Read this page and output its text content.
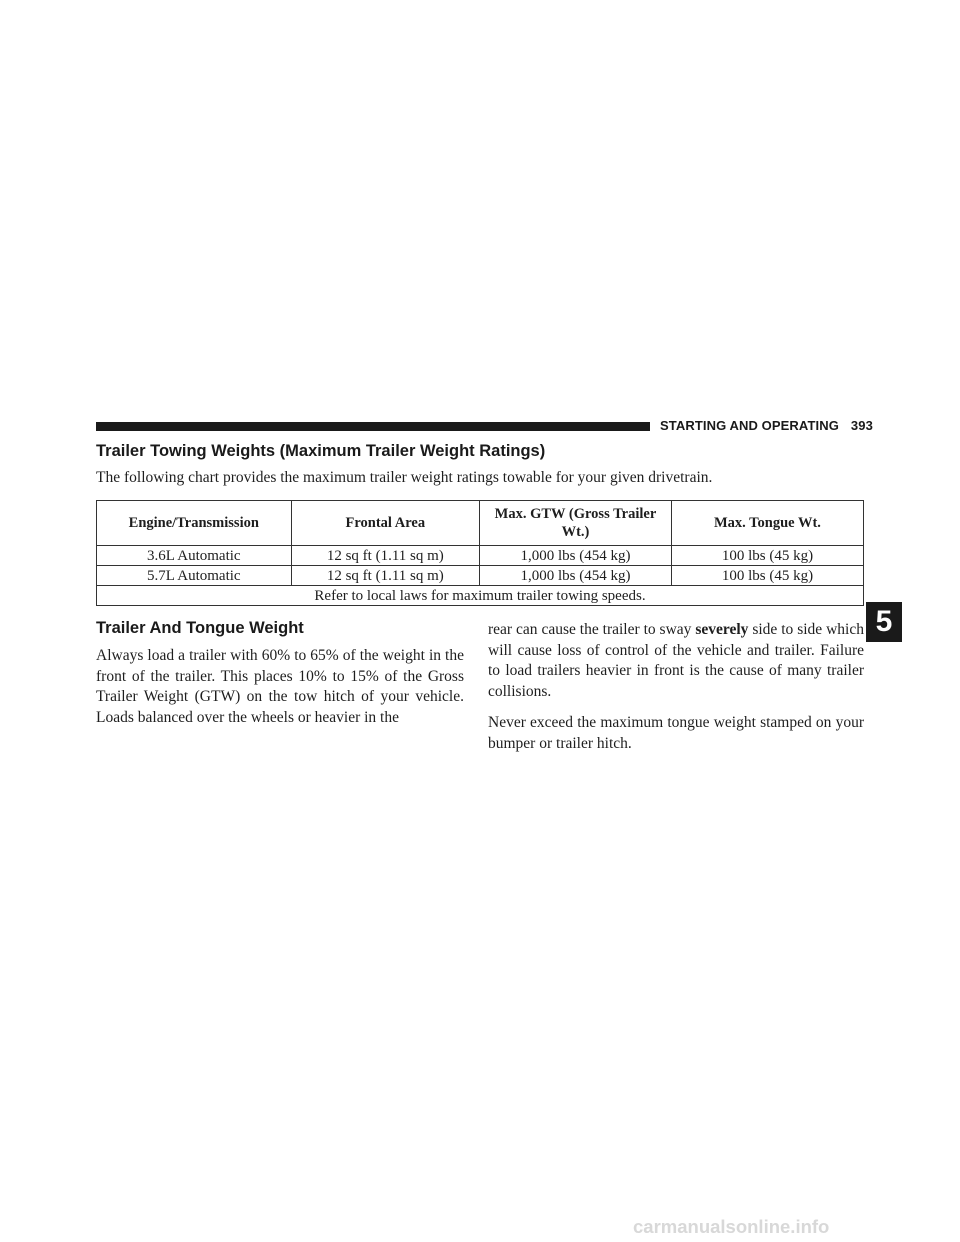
STARTING AND OPERATING 393
Trailer Towing Weights (Maximum Trailer Weight Ratings)

The following chart provides the maximum trailer weight ratings towable for your given drivetrain.

Engine/Transmission	Frontal Area	Max. GTW (Gross Trailer Wt.)	Max. Tongue Wt.
3.6L Automatic	12 sq ft (1.11 sq m)	1,000 lbs (454 kg)	100 lbs (45 kg)
5.7L Automatic	12 sq ft (1.11 sq m)	1,000 lbs (454 kg)	100 lbs (45 kg)
Refer to local laws for maximum trailer towing speeds.			
Trailer And Tongue Weight

Always load a trailer with 60% to 65% of the weight in the front of the trailer. This places 10% to 15% of the Gross Trailer Weight (GTW) on the tow hitch of your vehicle. Loads balanced over the wheels or heavier in the

rear can cause the trailer to sway severely side to side which will cause loss of control of the vehicle and trailer. Failure to load trailers heavier in front is the cause of many trailer collisions.

Never exceed the maximum tongue weight stamped on your bumper or trailer hitch.

5
carmanualsonline.info
